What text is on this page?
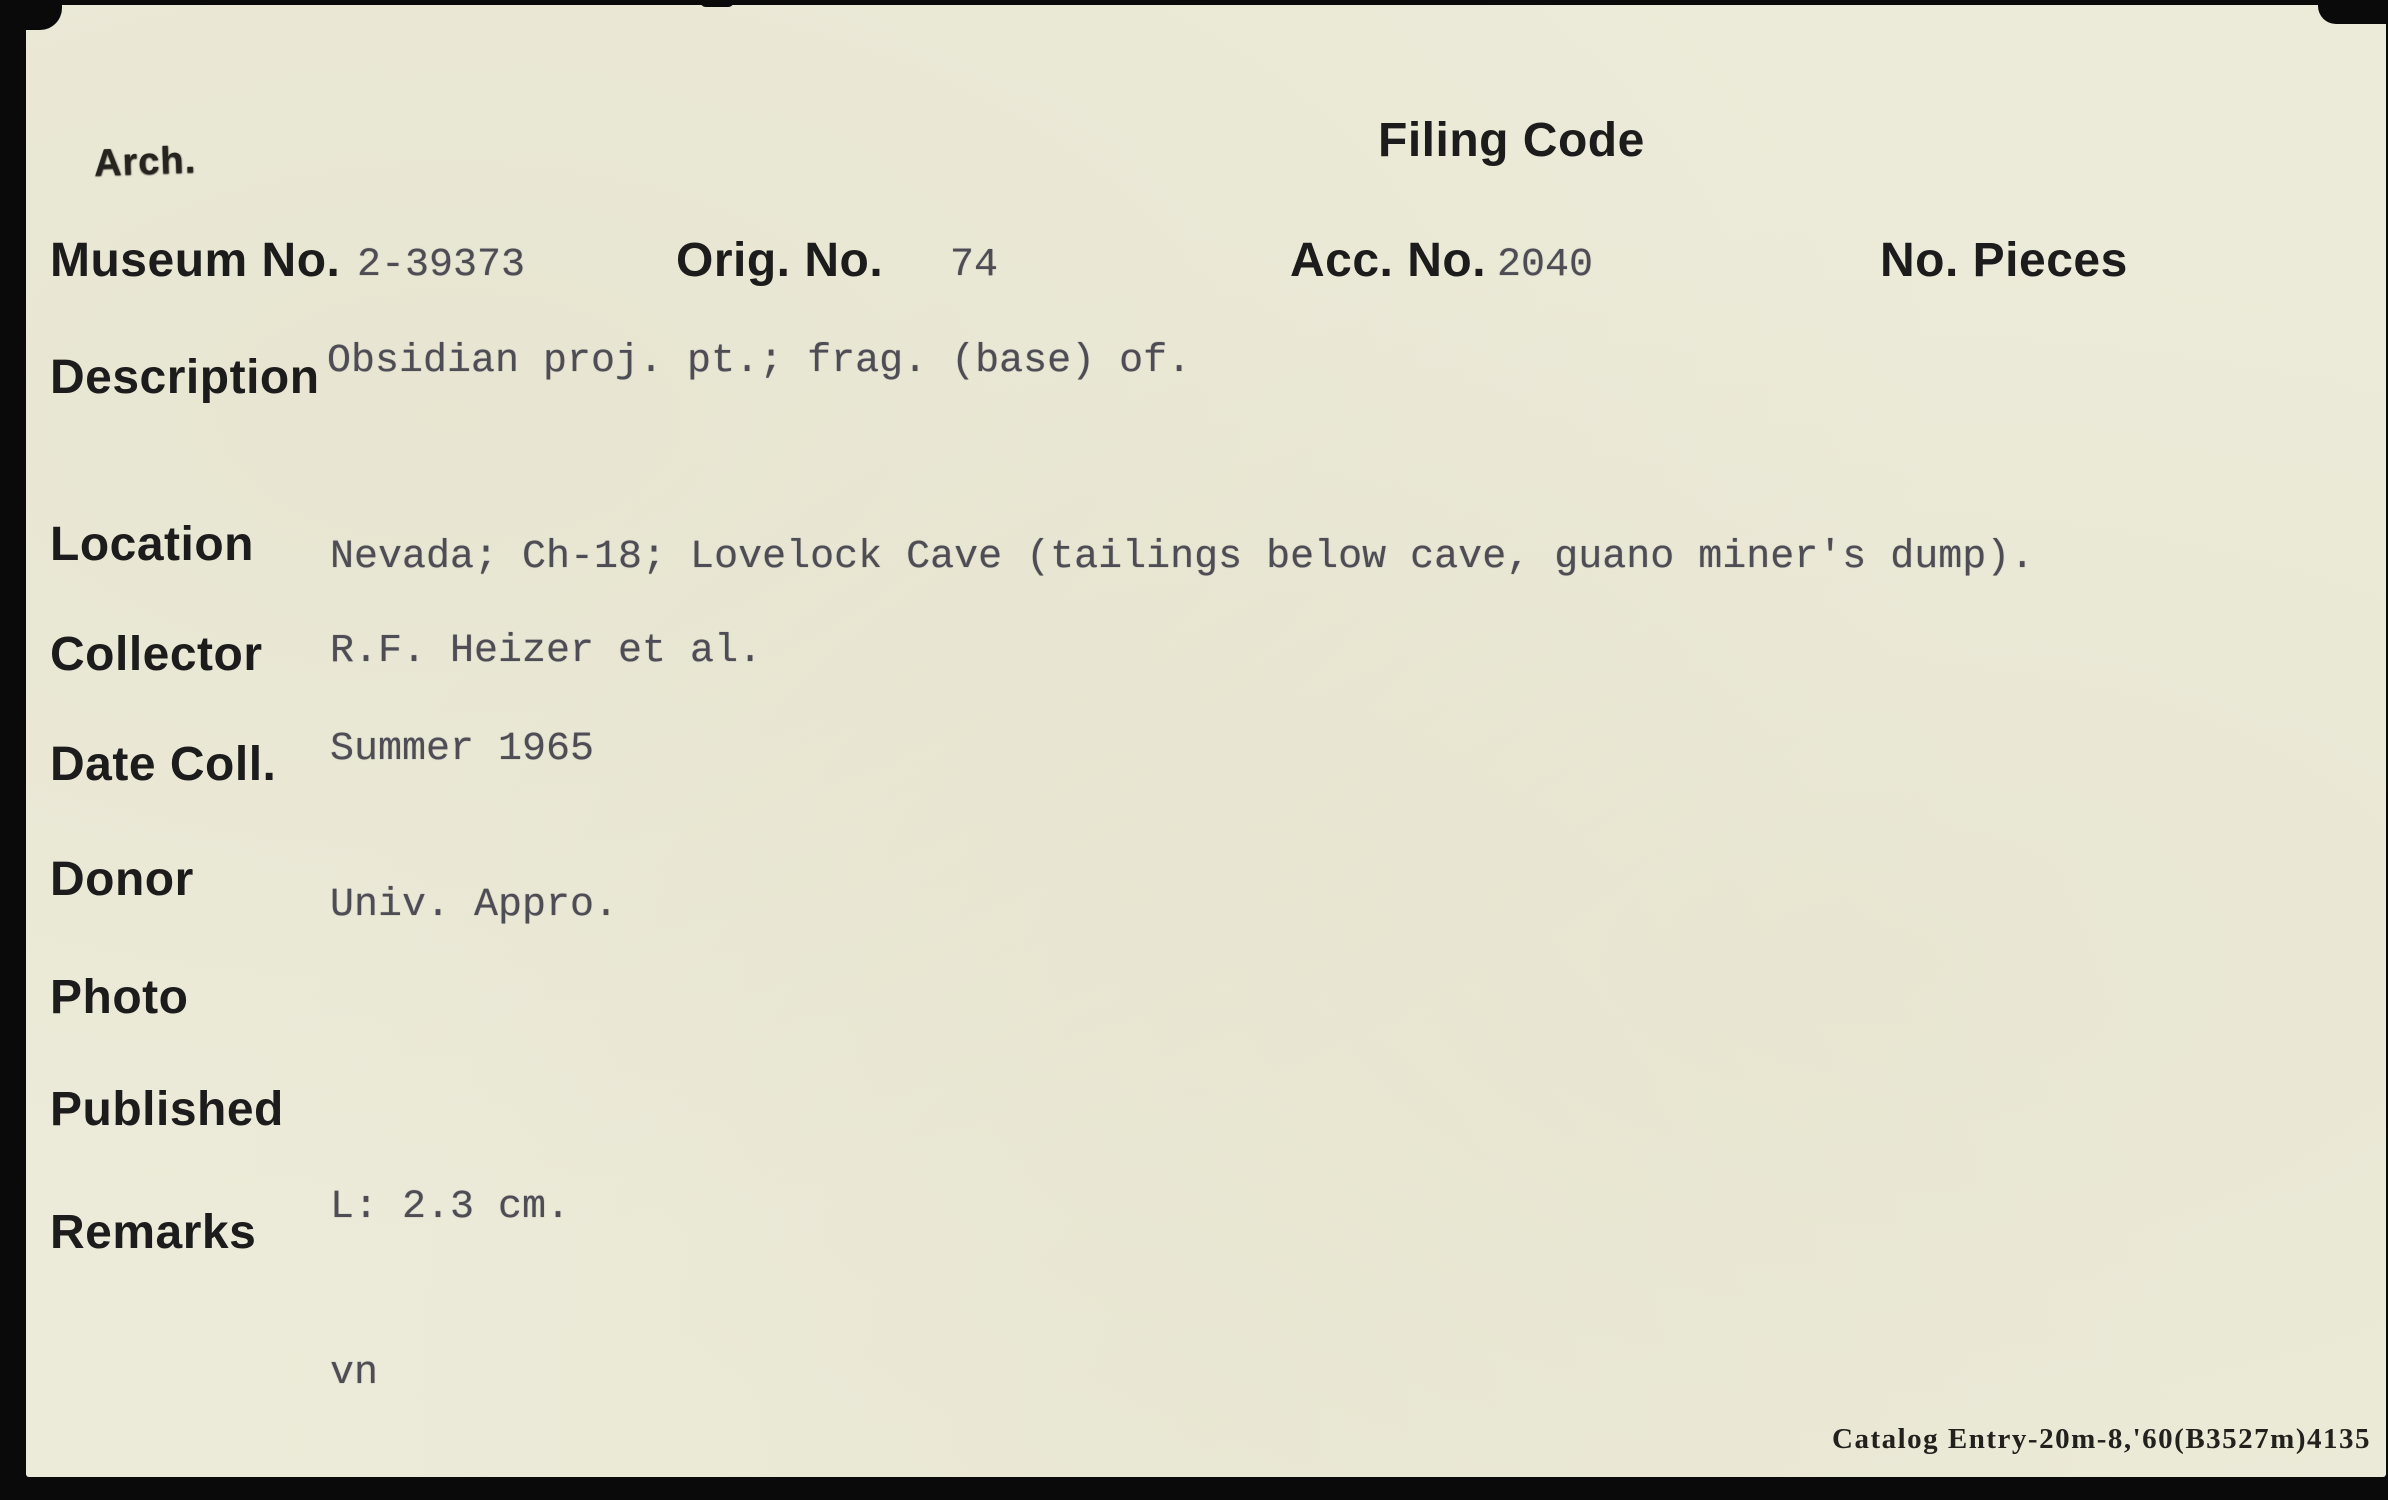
Arch.	Filing Code
Museum No. 2-39373	Orig. No. 74	Acc. No. 2040	No. Pieces
Description Obsidian proj. pt.; frag. (base) of.
Location Nevada; Ch-18; Lovelock Cave (tailings below cave, guano miner's dump).
Collector R.F. Heizer et al.
Date Coll. Summer 1965
Donor	Univ. Appro.
Photo
Published
Remarks L: 2.3 cm.
vn
Catalog Entry-20m-8,'60(B3527m)4135
